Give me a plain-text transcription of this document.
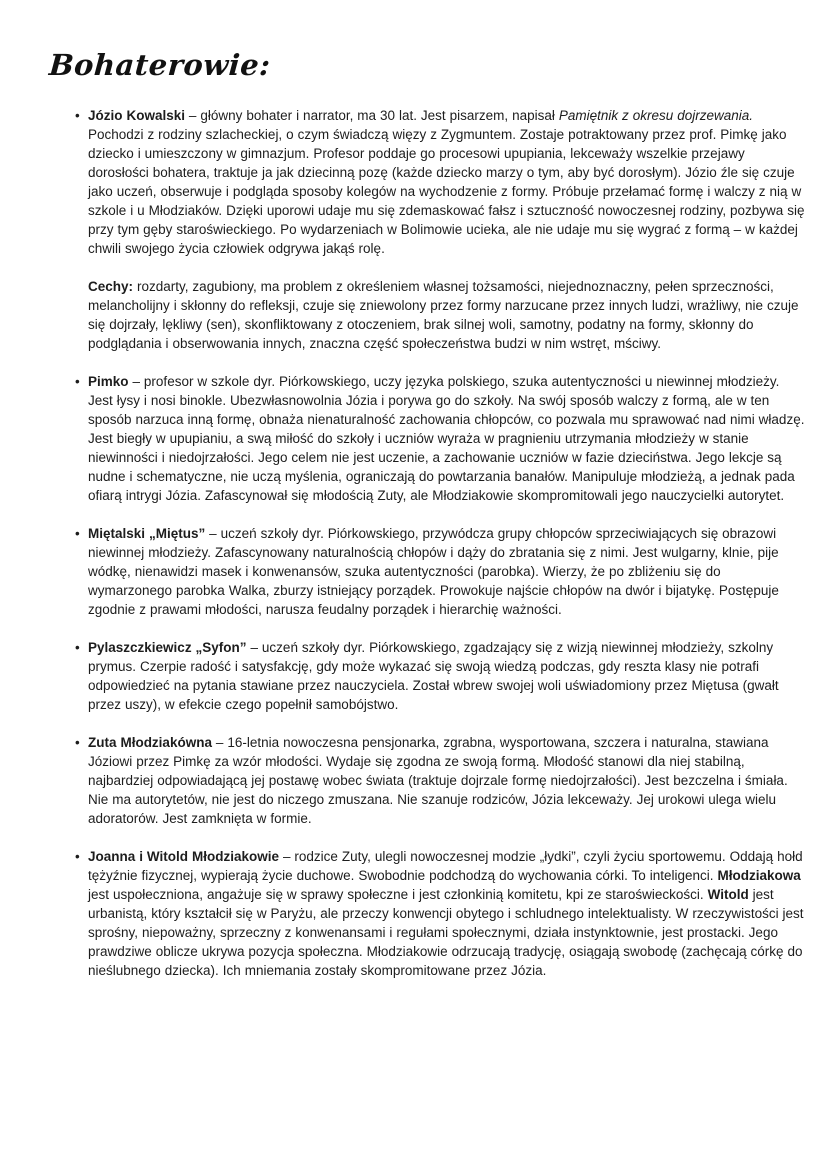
Bohaterowie:
• Józio Kowalski – główny bohater i narrator, ma 30 lat. Jest pisarzem, napisał Pamiętnik z okresu dojrzewania. Pochodzi z rodziny szlacheckiej, o czym świadczą więzy z Zygmuntem. Zostaje potraktowany przez prof. Pimkę jako dziecko i umieszczony w gimnazjum. Profesor poddaje go procesowi upupiania, lekceważy wszelkie przejawy dorosłości bohatera, traktuje ja jak dziecinną pozę (każde dziecko marzy o tym, aby być dorosłym). Józio źle się czuje jako uczeń, obserwuje i podgląda sposoby kolegów na wychodzenie z formy. Próbuje przełamać formę i walczy z nią w szkole i u Młodziaków. Dzięki uporowi udaje mu się zdemaskować fałsz i sztuczność nowoczesnej rodziny, pozbywa się przy tym gęby staroświeckiego. Po wydarzeniach w Bolimowie ucieka, ale nie udaje mu się wygrać z formą – w każdej chwili swojego życia człowiek odgrywa jakąś rolę.

Cechy: rozdarty, zagubiony, ma problem z określeniem własnej tożsamości, niejednoznaczny, pełen sprzeczności, melancholijny i skłonny do refleksji, czuje się zniewolony przez formy narzucane przez innych ludzi, wrażliwy, nie czuje się dojrzały, lękliwy (sen), skonfliktowany z otoczeniem, brak silnej woli, samotny, podatny na formy, skłonny do podglądania i obserwowania innych, znaczna część społeczeństwa budzi w nim wstręt, mściwy.

• Pimko – profesor w szkole dyr. Piórkowskiego, uczy języka polskiego, szuka autentyczności u niewinnej młodzieży. Jest łysy i nosi binokle. Ubezwłasnowolnia Józia i porywa go do szkoły. Na swój sposób walczy z formą, ale w ten sposób narzuca inną formę, obnaża nienaturalność zachowania chłopców, co pozwala mu sprawować nad nimi władzę. Jest biegły w upupianiu, a swą miłość do szkoły i uczniów wyraża w pragnieniu utrzymania młodzieży w stanie niewinności i niedojrzałości. Jego celem nie jest uczenie, a zachowanie uczniów w fazie dzieciństwa. Jego lekcje są nudne i schematyczne, nie uczą myślenia, ograniczają do powtarzania banałów. Manipuluje młodzieżą, a jednak pada ofiarą intrygi Józia. Zafascynował się młodością Zuty, ale Młodziakowie skompromitowali jego nauczycielki autorytet.

• Miętalski „Miętus” – uczeń szkoły dyr. Piórkowskiego, przywódcza grupy chłopców sprzeciwiających się obrazowi niewinnej młodzieży. Zafascynowany naturalnością chłopów i dąży do zbratania się z nimi. Jest wulgarny, klnie, pije wódkę, nienawidzi masek i konwenansów, szuka autentyczności (parobka). Wierzy, że po zbliżeniu się do wymarzonego parobka Walka, zburzy istniejący porządek. Prowokuje najście chłopów na dwór i bijatykę. Postępuje zgodnie z prawami młodości, narusza feudalny porządek i hierarchię ważności.

• Pylaszczkiewicz „Syfon” – uczeń szkoły dyr. Piórkowskiego, zgadzający się z wizją niewinnej młodzieży, szkolny prymus. Czerpie radość i satysfakcję, gdy może wykazać się swoją wiedzą podczas, gdy reszta klasy nie potrafi odpowiedzieć na pytania stawiane przez nauczyciela. Został wbrew swojej woli uświadomiony przez Miętusa (gwałt przez uszy), w efekcie czego popełnił samobójstwo.

• Zuta Młodziakówna – 16-letnia nowoczesna pensjonarka, zgrabna, wysportowana, szczera i naturalna, stawiana Józiowi przez Pimkę za wzór młodości. Wydaje się zgodna ze swoją formą. Młodość stanowi dla niej stabilną, najbardziej odpowiadającą jej postawę wobec świata (traktuje dojrzale formę niedojrzałości). Jest bezczelna i śmiała. Nie ma autorytetów, nie jest do niczego zmuszana. Nie szanuje rodziców, Józia lekceważy. Jej urokowi ulega wielu adoratorów. Jest zamknięta w formie.

• Joanna i Witold Młodziakowie – rodzice Zuty, ulegli nowoczesnej modzie „łydki”, czyli życiu sportowemu. Oddają hołd tężyźnie fizycznej, wypierają życie duchowe. Swobodnie podchodzą do wychowania córki. To inteligenci. Młodziakowa jest uspołeczniona, angażuje się w sprawy społeczne i jest członkinią komitetu, kpi ze staroświeckości. Witold jest urbanistą, który kształcił się w Paryżu, ale przeczy konwencji obytego i schludnego intelektualisty. W rzeczywistości jest sprośny, niepoważny, sprzeczny z konwenansami i regułami społecznymi, działa instynktownie, jest prostacki. Jego prawdziwe oblicze ukrywa pozycja społeczna. Młodziakowie odrzucają tradycję, osiągają swobodę (zachęcają córkę do nieślubnego dziecka). Ich mniemania zostały skompromitowane przez Józia.
